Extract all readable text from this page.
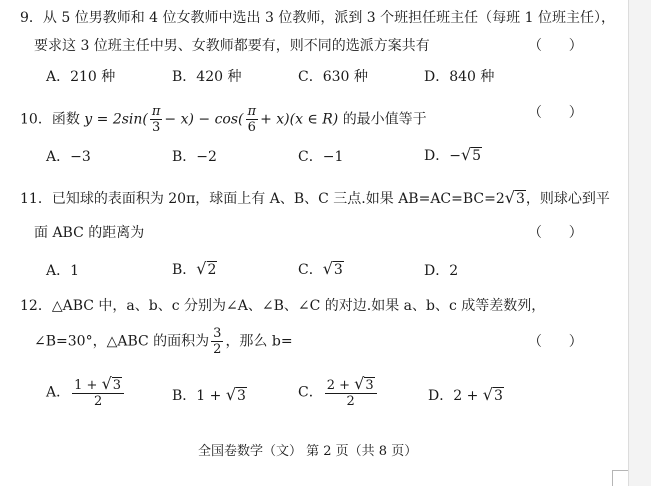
9．从 5 位男教师和 4 位女教师中选出 3 位教师，派到 3 个班担任班主任（每班 1 位班主任），
要求这 3 位班主任中男、女教师都要有，则不同的选派方案共有	（      ）
A．210 种	B．420 种	C．630 种	D．840 种
10．函数 $y = 2\sin( \frac{\pi}{3} - x) - \cos( \frac{\pi}{6} + x)(x$ ∈ R) 的最小值等于	（      ）
A．−3	B．−2	C．−1	D．−√5
11．已知球的表面积为 20π，球面上有 A、B、C 三点.如果 AB=AC=BC=2√3，则球心到平
面 ABC 的距离为	（      ）
A．1	B．√2	C．√3	D．2
12．△ABC 中，a、b、c 分别为∠A、∠B、∠C 的对边.如果 a、b、c 成等差数列，
∠B=30°，△ABC 的面积为 $\frac{3}{2}$ ，那么 b=	（      ）
A． $\frac{1 + √3}{2}$	B．1 + √3	C． $\frac{2 + √3}{2}$	D．2 + √3
全国卷数学（文） 第 2 页（共 8 页）
